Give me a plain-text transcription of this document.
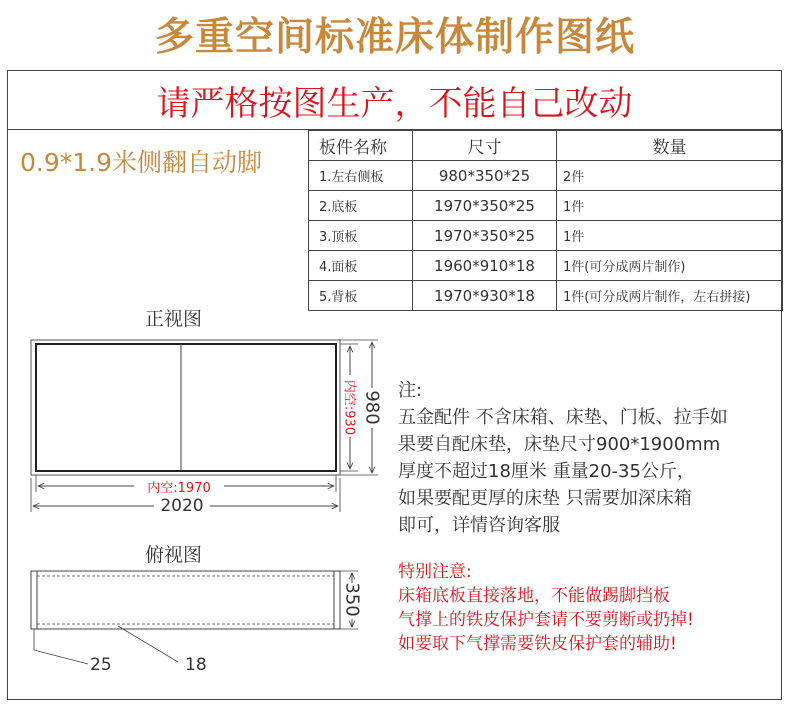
多重空间标准床体制作图纸
请严格按图生产，不能自己改动
0.9*1.9米侧翻自动脚	板件名称	尺寸	数量
1.左右侧板	980*350*25	2件
2.底板	1970*350*25	1件
3.顶板	1970*350*25	1件
4.面板	1960*910*18	1件(可分成两片制作)
5.背板	1970*930*18	1件(可分成两片制作，左右拼接)
正视图
内空:1970
2020
内空:930 980
俯视图
350
25	18
注:
五金配件 不含床箱、床垫、门板、拉手如
果要自配床垫，床垫尺寸900*1900mm
厚度不超过18厘米 重量20-35公斤，
如果要配更厚的床垫 只需要加深床箱
即可，详情咨询客服
特别注意:
床箱底板直接落地，不能做踢脚挡板
气撑上的铁皮保护套请不要剪断或扔掉!
如要取下气撑需要铁皮保护套的辅助!
